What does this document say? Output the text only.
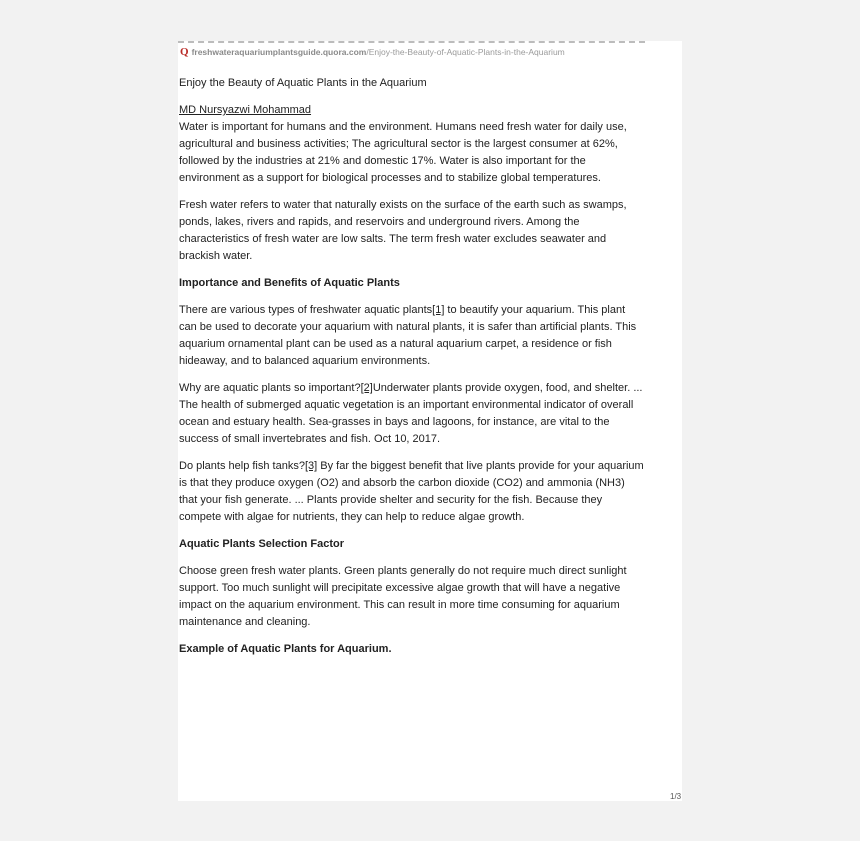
Q freshwateraquariumplantsguide.quora.com/Enjoy-the-Beauty-of-Aquatic-Plants-in-the-Aquarium

Enjoy the Beauty of Aquatic Plants in the Aquarium

MD Nursyazwi Mohammad
Water is important for humans and the environment. Humans need fresh water for daily use, agricultural and business activities; The agricultural sector is the largest consumer at 62%, followed by the industries at 21% and domestic 17%. Water is also important for the environment as a support for biological processes and to stabilize global temperatures.

Fresh water refers to water that naturally exists on the surface of the earth such as swamps, ponds, lakes, rivers and rapids, and reservoirs and underground rivers. Among the characteristics of fresh water are low salts. The term fresh water excludes seawater and brackish water.

Importance and Benefits of Aquatic Plants

There are various types of freshwater aquatic plants[1] to beautify your aquarium. This plant can be used to decorate your aquarium with natural plants, it is safer than artificial plants. This aquarium ornamental plant can be used as a natural aquarium carpet, a residence or fish hideaway, and to balanced aquarium environments.

Why are aquatic plants so important?[2]Underwater plants provide oxygen, food, and shelter. ... The health of submerged aquatic vegetation is an important environmental indicator of overall ocean and estuary health. Sea-grasses in bays and lagoons, for instance, are vital to the success of small invertebrates and fish. Oct 10, 2017.

Do plants help fish tanks?[3] By far the biggest benefit that live plants provide for your aquarium is that they produce oxygen (O2) and absorb the carbon dioxide (CO2) and ammonia (NH3) that your fish generate. ... Plants provide shelter and security for the fish. Because they compete with algae for nutrients, they can help to reduce algae growth.

Aquatic Plants Selection Factor

Choose green fresh water plants. Green plants generally do not require much direct sunlight support. Too much sunlight will precipitate excessive algae growth that will have a negative impact on the aquarium environment. This can result in more time consuming for aquarium maintenance and cleaning.

Example of Aquatic Plants for Aquarium.

1/3
